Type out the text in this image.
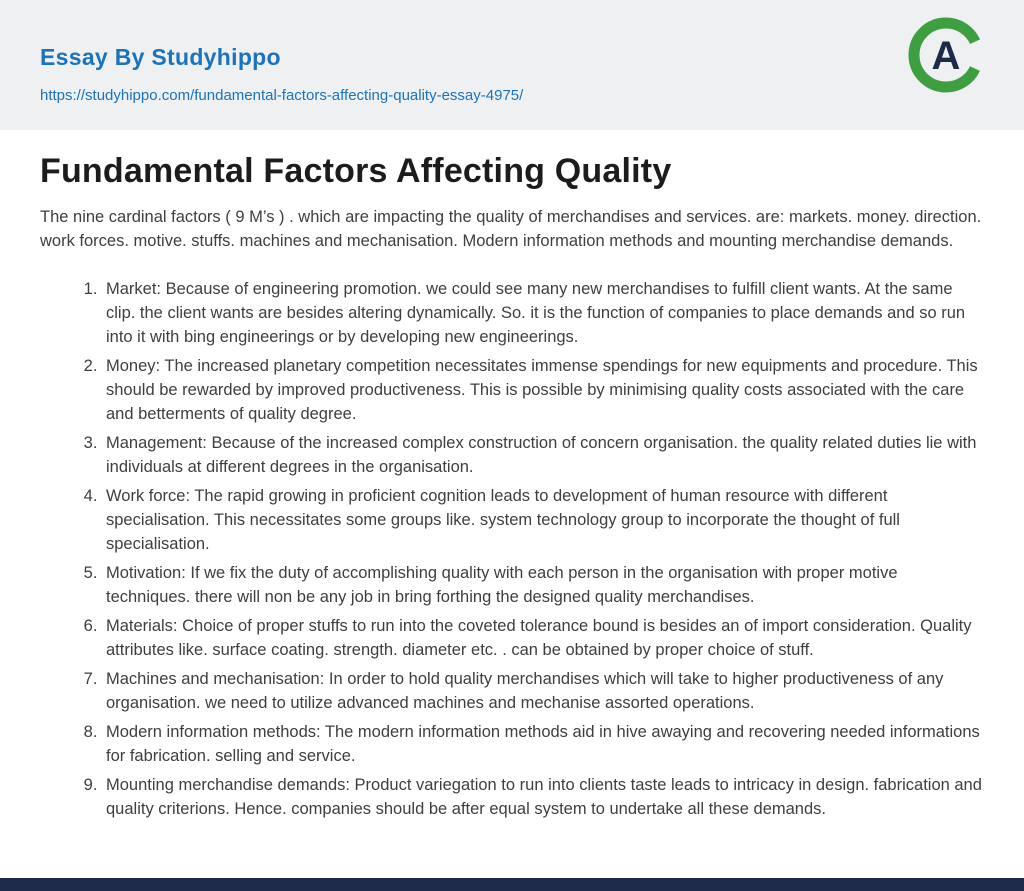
Essay By Studyhippo
https://studyhippo.com/fundamental-factors-affecting-quality-essay-4975/
A
Fundamental Factors Affecting Quality

The nine cardinal factors ( 9 M’s ) . which are impacting the quality of merchandises and services. are: markets. money. direction. work forces. motive. stuffs. machines and mechanisation. Modern information methods and mounting merchandise demands.

1. Market: Because of engineering promotion. we could see many new merchandises to fulfill client wants. At the same clip. the client wants are besides altering dynamically. So. it is the function of companies to place demands and so run into it with bing engineerings or by developing new engineerings.
2. Money: The increased planetary competition necessitates immense spendings for new equipments and procedure. This should be rewarded by improved productiveness. This is possible by minimising quality costs associated with the care and betterments of quality degree.
3. Management: Because of the increased complex construction of concern organisation. the quality related duties lie with individuals at different degrees in the organisation.
4. Work force: The rapid growing in proficient cognition leads to development of human resource with different specialisation. This necessitates some groups like. system technology group to incorporate the thought of full specialisation.
5. Motivation: If we fix the duty of accomplishing quality with each person in the organisation with proper motive techniques. there will non be any job in bring forthing the designed quality merchandises.
6. Materials: Choice of proper stuffs to run into the coveted tolerance bound is besides an of import consideration. Quality attributes like. surface coating. strength. diameter etc. . can be obtained by proper choice of stuff.
7. Machines and mechanisation: In order to hold quality merchandises which will take to higher productiveness of any organisation. we need to utilize advanced machines and mechanise assorted operations.
8. Modern information methods: The modern information methods aid in hive awaying and recovering needed informations for fabrication. selling and service.
9. Mounting merchandise demands: Product variegation to run into clients taste leads to intricacy in design. fabrication and quality criterions. Hence. companies should be after equal system to undertake all these demands.
